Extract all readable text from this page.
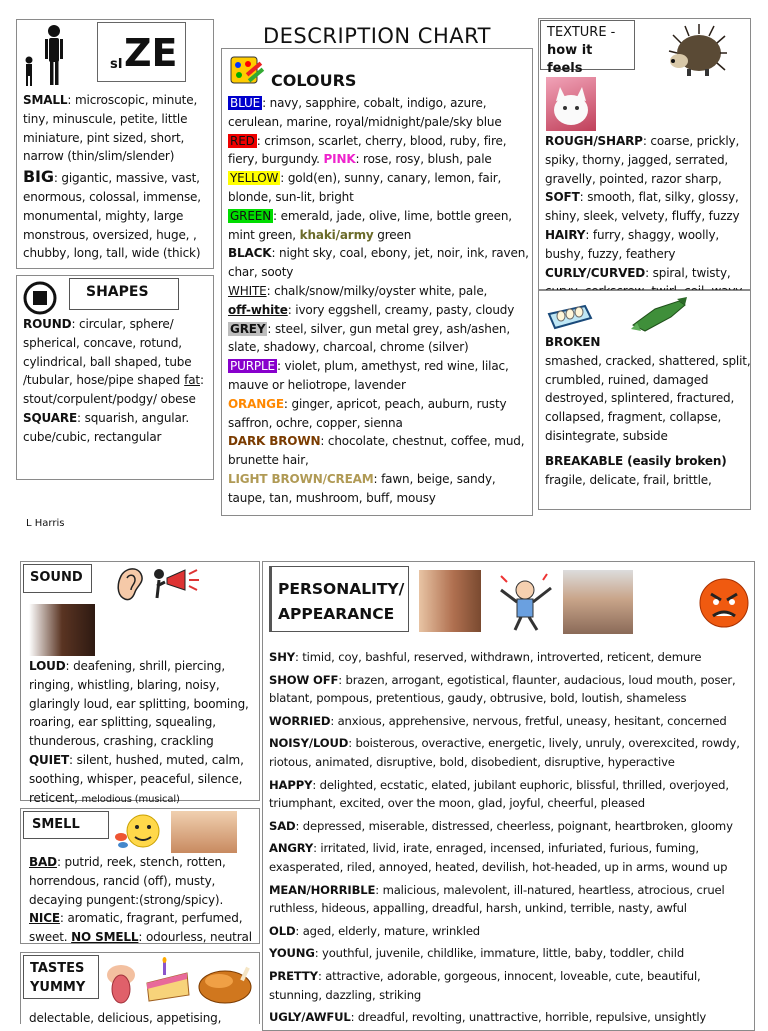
sI ZE

SMALL: microscopic, minute, tiny, minuscule, petite, little miniature, pint sized, short, narrow (thin/slim/slender)

BIG: gigantic, massive, vast, enormous, colossal, immense, monumental, mighty, large monstrous, oversized, huge, , chubby, long, tall, wide (thick)

SHAPES

ROUND: circular, sphere/ spherical, concave, rotund, cylindrical, ball shaped, tube /tubular, hose/pipe shaped fat: stout/corpulent/podgy/ obese

SQUARE: squarish, angular. cube/cubic, rectangular

L Harris
DESCRIPTION CHART
COLOURS

BLUE : navy, sapphire, cobalt, indigo, azure, cerulean, marine, royal/midnight/pale/sky blue

RED : crimson, scarlet, cherry, blood, ruby, fire, fiery, burgundy. PINK: rose, rosy, blush, pale

YELLOW : gold(en), sunny, canary, lemon, fair, blonde, sun-lit, bright

GREEN : emerald, jade, olive, lime, bottle green, mint green, khaki/army green

BLACK: night sky, coal, ebony, jet, noir, ink, raven, char, sooty

WHITE: chalk/snow/milky/oyster white, pale,

off-white: ivory eggshell, creamy, pasty, cloudy

GREY : steel, silver, gun metal grey, ash/ashen, slate, shadowy, charcoal, chrome (silver)

PURPLE : violet, plum, amethyst, red wine, lilac, mauve or heliotrope, lavender

ORANGE: ginger, apricot, peach, auburn, rusty saffron, ochre, copper, sienna

DARK BROWN: chocolate, chestnut, coffee, mud, brunette hair,

LIGHT BROWN/CREAM: fawn, beige, sandy, taupe, tan, mushroom, buff, mousy

TEXTURE -
how it feels

ROUGH/SHARP: coarse, prickly, spiky, thorny, jagged, serrated, gravelly, pointed, razor sharp,

SOFT: smooth, flat, silky, glossy, shiny, sleek, velvety, fluffy, fuzzy

HAIRY: furry, shaggy, woolly, bushy, fuzzy, feathery

CURLY/CURVED: spiral, twisty,

BROKEN

smashed, cracked, shattered, split, crumbled, ruined, damaged destroyed, splintered, fractured, collapsed, fragment, collapse, disintegrate, subside

BREAKABLE (easily broken)

fragile, delicate, frail, brittle,

SOUND

LOUD: deafening, shrill, piercing, ringing, whistling, blaring, noisy, glaringly loud, ear splitting, booming, roaring, ear splitting, squealing, thunderous, crashing, crackling

QUIET: silent, hushed, muted, calm, soothing, whisper, peaceful, silence, reticent, melodious (musical)

SMELL

BAD: putrid, reek, stench, rotten, horrendous, rancid (off), musty, decaying pungent:(strong/spicy).

NICE: aromatic, fragrant, perfumed, sweet. NO SMELL: odourless, neutral

TASTES
YUMMY
delectable, delicious, appetising,
PERSONALITY/
APPEARANCE

SHY: timid, coy, bashful, reserved, withdrawn, introverted, reticent, demure

SHOW OFF: brazen, arrogant, egotistical, flaunter, audacious, loud mouth, poser, blatant, pompous, pretentious, gaudy, obtrusive, bold, loutish, shameless

WORRIED: anxious, apprehensive, nervous, fretful, uneasy, hesitant, concerned

NOISY/LOUD: boisterous, overactive, energetic, lively, unruly, overexcited, rowdy, riotous, animated, disruptive, bold, disobedient, disruptive, hyperactive

HAPPY: delighted, ecstatic, elated, jubilant euphoric, blissful, thrilled, overjoyed, triumphant, excited, over the moon, glad, joyful, cheerful, pleased

SAD: depressed, miserable, distressed, cheerless, poignant, heartbroken, gloomy

ANGRY: irritated, livid, irate, enraged, incensed, infuriated, furious, fuming, exasperated, riled, annoyed, heated, devilish, hot-headed, up in arms, wound up

MEAN/HORRIBLE: malicious, malevolent, ill-natured, heartless, atrocious, cruel ruthless, hideous, appalling, dreadful, harsh, unkind, terrible, nasty, awful

OLD: aged, elderly, mature, wrinkled

YOUNG: youthful, juvenile, childlike, immature, little, baby, toddler, child

PRETTY: attractive, adorable, gorgeous, innocent, loveable, cute, beautiful, stunning, dazzling, striking

UGLY/AWFUL: dreadful, revolting, unattractive, horrible, repulsive, unsightly
